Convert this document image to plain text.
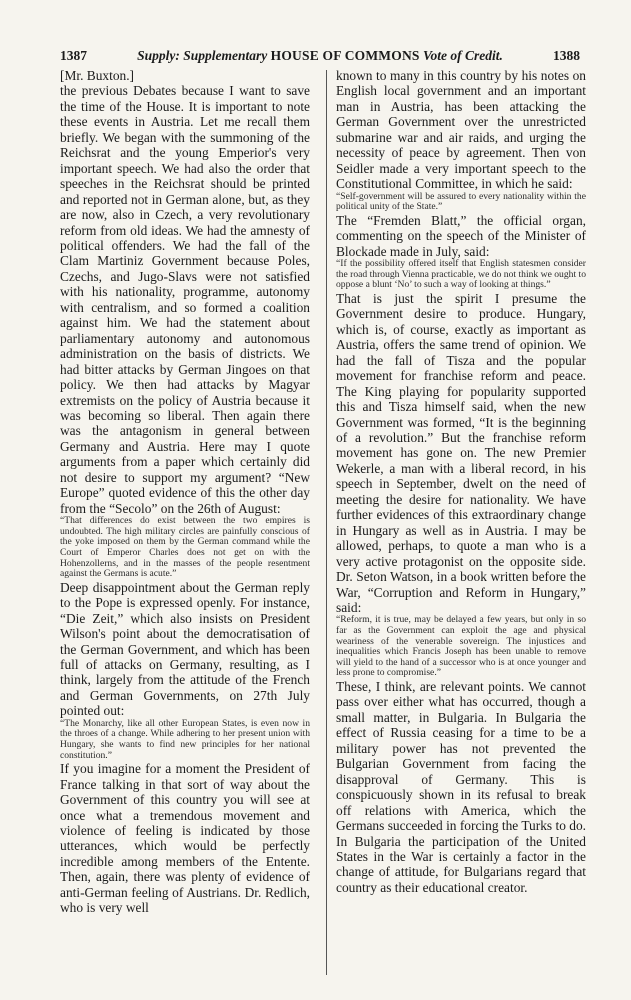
1387	Supply: Supplementary HOUSE OF COMMONS Vote of Credit.	1388

[Mr. Buxton.]

the previous Debates because I want to save the time of the House. It is important to note these events in Austria. Let me recall them briefly. We began with the summoning of the Reichsrat and the young Emperior's very important speech. We had also the order that speeches in the Reichsrat should be printed and reported not in German alone, but, as they are now, also in Czech, a very revolutionary reform from old ideas. We had the amnesty of political offenders. We had the fall of the Clam Martiniz Government because Poles, Czechs, and Jugo-Slavs were not satisfied with his nationality, programme, autonomy with centralism, and so formed a coalition against him. We had the statement about parliamentary autonomy and autonomous administration on the basis of districts. We had bitter attacks by German Jingoes on that policy. We then had attacks by Magyar extremists on the policy of Austria because it was becoming so liberal. Then again there was the antagonism in general between Germany and Austria. Here may I quote arguments from a paper which certainly did not desire to support my argument? “New Europe” quoted evidence of this the other day from the “Secolo” on the 26th of August:

“That differences do exist between the two empires is undoubted. The high military circles are painfully conscious of the yoke imposed on them by the German command while the Court of Emperor Charles does not get on with the Hohenzollerns, and in the masses of the people resentment against the Germans is acute.”

Deep disappointment about the German reply to the Pope is expressed openly. For instance, “Die Zeit,” which also insists on President Wilson's point about the democratisation of the German Government, and which has been full of attacks on Germany, resulting, as I think, largely from the attitude of the French and German Governments, on 27th July pointed out:

“The Monarchy, like all other European States, is even now in the throes of a change. While adhering to her present union with Hungary, she wants to find new principles for her national constitution.”

If you imagine for a moment the President of France talking in that sort of way about the Government of this country you will see at once what a tremendous movement and violence of feeling is indicated by those utterances, which would be perfectly incredible among members of the Entente. Then, again, there was plenty of evidence of anti-German feeling of Austrians. Dr. Redlich, who is very well

known to many in this country by his notes on English local government and an important man in Austria, has been attacking the German Government over the unrestricted submarine war and air raids, and urging the necessity of peace by agreement. Then von Seidler made a very important speech to the Constitutional Committee, in which he said:

“Self-government will be assured to every nationality within the political unity of the State.”

The “Fremden Blatt,” the official organ, commenting on the speech of the Minister of Blockade made in July, said:

“If the possibility offered itself that English statesmen consider the road through Vienna practicable, we do not think we ought to oppose a blunt ‘No’ to such a way of looking at things.”

That is just the spirit I presume the Government desire to produce. Hungary, which is, of course, exactly as important as Austria, offers the same trend of opinion. We had the fall of Tisza and the popular movement for franchise reform and peace. The King playing for popularity supported this and Tisza himself said, when the new Government was formed, “It is the beginning of a revolution.” But the franchise reform movement has gone on. The new Premier Wekerle, a man with a liberal record, in his speech in September, dwelt on the need of meeting the desire for nationality. We have further evidences of this extraordinary change in Hungary as well as in Austria. I may be allowed, perhaps, to quote a man who is a very active protagonist on the opposite side. Dr. Seton Watson, in a book written before the War, “Corruption and Reform in Hungary,” said:

“Reform, it is true, may be delayed a few years, but only in so far as the Government can exploit the age and physical weariness of the venerable sovereign. The injustices and inequalities which Francis Joseph has been unable to remove will yield to the hand of a successor who is at once younger and less prone to compromise.”

These, I think, are relevant points. We cannot pass over either what has occurred, though a small matter, in Bulgaria. In Bulgaria the effect of Russia ceasing for a time to be a military power has not prevented the Bulgarian Government from facing the disapproval of Germany. This is conspicuously shown in its refusal to break off relations with America, which the Germans succeeded in forcing the Turks to do. In Bulgaria the participation of the United States in the War is certainly a factor in the change of attitude, for Bulgarians regard that country as their educational creator.
